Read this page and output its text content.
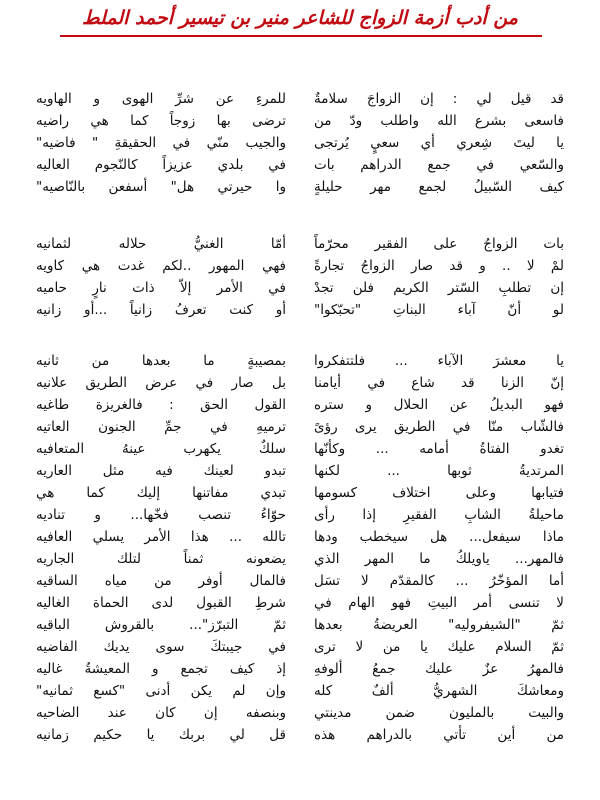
من أدب أزمة الزواج للشاعر منير بن تيسير أحمد الملط
قد قيل لي : إن الزواجَ سلامةٌ
للمرءِ عن شرِّ الهوى و الهاويه
فاسعى بشرع الله واطلب ودّ من
ترضى بها زوجاً كما هي راضيه
يا ليتَ شِعري أي سعيٍ يُرتجى
والجيب منّي في الحقيقةِ " فاضيه"
والسّعي في جمع الدراهم بات
في بلدي عزيزاً كالنّجوم العاليه
كيف السّبيلُ لجمع مهر حليلةٍ
وا حيرتي هل" أسفعن بالنّاصيه"
بات الزواجُ على الفقير محرّماً
أمّا الغنيُّ حلاله لثمانيه
لمْ لا .. و قد صار الزواجُ تجارةً
فهي المهور ..لكم غدت هي كاويه
إن تطلبِ السّتر الكريم فلن تجدْ
في الأمر إلاّ ذات نارٍ حاميه
لو أنّ آباء البناتِ "تحبّكوا"
أو كنت تعرفُ زانياً ...أو زانيه
يا معشرَ الآباء ... فلتتفكروا
بمصيبةٍ ما بعدها من ثانيه
إنّ الزنا قد شاع في أيامنا
بل صار في عرض الطريق علانيه
فهو البديلُ عن الحلال و ستره
القول الحق : فالغريزة طاغيه
فالشّاب منّا في الطريق يرى رؤىً
ترميهِ في جمِّ الجنون العاتيه
تغدو الفتاةُ أمامه ... وكأنّها
سلكٌ يكهرب عينهُ المتعافيه
المرتديةُ ثوبها ... لكنها
تبدو لعينك فيه مثل العاريه
فتيابها وعلى اختلاف كسومها
تبدي مفاتنها إليك كما هي
ماحيلةُ الشابِ الفقيرِ إذا رأى
حوّاءُ تنصب فخّها... و تناديه
ماذا سيفعل... هل سيخطب ودها
تالله ... هذا الأمر يسلي العافيه
فالمهر... ياويلكُ ما المهر الذي
يضعونه ثمناً لتلك الجاريه
أما المؤخّرُ ... كالمقدّم لا تسَل
فالمال أوفر من مياه الساقيه
لا تنسى أمر البيتِ فهو الهام في
شرطِ القبول لدى الحماة الغاليه
ثمّ "الشيفروليه" العريضةُ بعدها
ثمّ التبرّز"... بالقروش الباقيه
ثمّ السلام عليك يا من لا ترى
في جيبتكَ سوى يديك الفاضيه
فالمهرُ عزٌ عليك جمعُ ألوفهِ
إذ كيف تجمع و المعيشةُ غاليه
ومعاشكَ الشهريُّ ألفٌ كله
وإن لم يكن أدنى "كسع ثمانيه"
والبيت بالمليون ضمن مدينتي
وبنصفه إن كان عند الضاحيه
من أين تأتي بالدراهم هذه
قل لي بربك يا حكيم زمانيه
